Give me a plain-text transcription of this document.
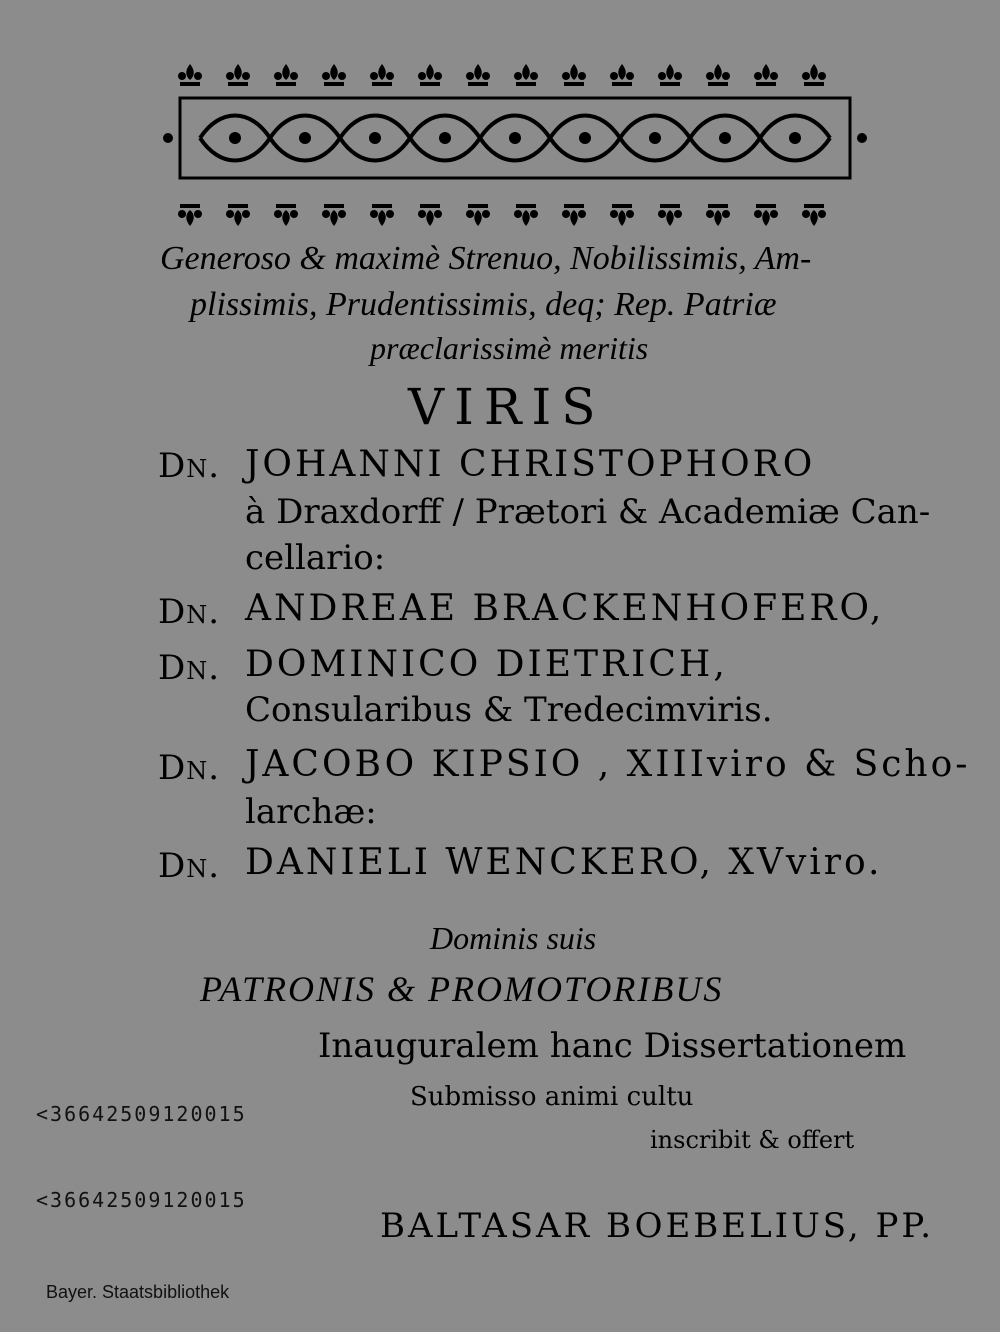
Generoso & maximè Strenuo, Nobilissimis, Am-
plissimis, Prudentissimis, deq; Rep. Patriæ
præclarissimè meritis
VIRIS
Dn. JOHANNI CHRISTOPHORO
à Draxdorff / Prætori & Academiæ Can-
cellario:
Dn. ANDREAE BRACKENHOFERO,
Dn. DOMINICO DIETRICH,
Consularibus & Tredecimviris.
Dn. JACOBO KIPSIO , XIIIviro & Scho-
larchæ:
Dn. DANIELI WENCKERO, XVviro.
Dominis suis
PATRONIS & PROMOTORIBUS
Inauguralem hanc Dissertationem
Submisso animi cultu
inscribit & offert
BALTASAR BOEBELIUS, PP.
<36642509120015
<36642509120015
Bayer. Staatsbibliothek
